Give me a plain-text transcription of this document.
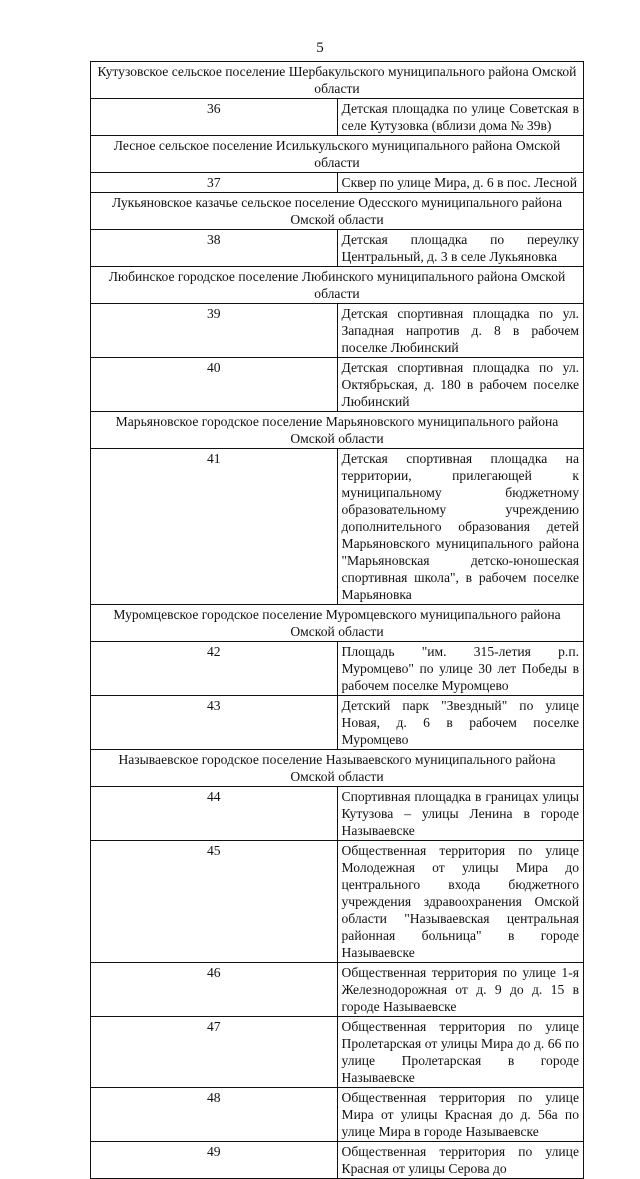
5
Кутузовское сельское поселение Шербакульского муниципального района Омской области	
36	Детская площадка по улице Советская в селе Кутузовка (вблизи дома № 39в)
Лесное сельское поселение Исилькульского муниципального района Омской области	
37	Сквер по улице Мира, д. 6 в пос. Лесной
Лукьяновское казачье сельское поселение Одесского муниципального района Омской области	
38	Детская площадка по переулку Центральный, д. 3 в селе Лукьяновка
Любинское городское поселение Любинского муниципального района Омской области	
39	Детская спортивная площадка по ул. Западная напротив д. 8 в рабочем поселке Любинский
40	Детская спортивная площадка по ул. Октябрьская, д. 180 в рабочем поселке Любинский
Марьяновское городское поселение Марьяновского муниципального района Омской области	
41	Детская спортивная площадка на территории, прилегающей к муниципальному бюджетному образовательному учреждению дополнительного образования детей Марьяновского муниципального района "Марьяновская детско-юношеская спортивная школа", в рабочем поселке Марьяновка
Муромцевское городское поселение Муромцевского муниципального района Омской области	
42	Площадь "им. 315-летия р.п. Муромцево" по улице 30 лет Победы в рабочем поселке Муромцево
43	Детский парк "Звездный" по улице Новая, д. 6 в рабочем поселке Муромцево
Называевское городское поселение Называевского муниципального района Омской области	
44	Спортивная площадка в границах улицы Кутузова – улицы Ленина в городе Называевске
45	Общественная территория по улице Молодежная от улицы Мира до центрального входа бюджетного учреждения здравоохранения Омской области "Называевская центральная районная больница" в городе Называевске
46	Общественная территория по улице 1-я Железнодорожная от д. 9 до д. 15 в городе Называевске
47	Общественная территория по улице Пролетарская от улицы Мира до д. 66 по улице Пролетарская в городе Называевске
48	Общественная территория по улице Мира от улицы Красная до д. 56а по улице Мира в городе Называевске
49	Общественная территория по улице Красная от улицы Серова до
